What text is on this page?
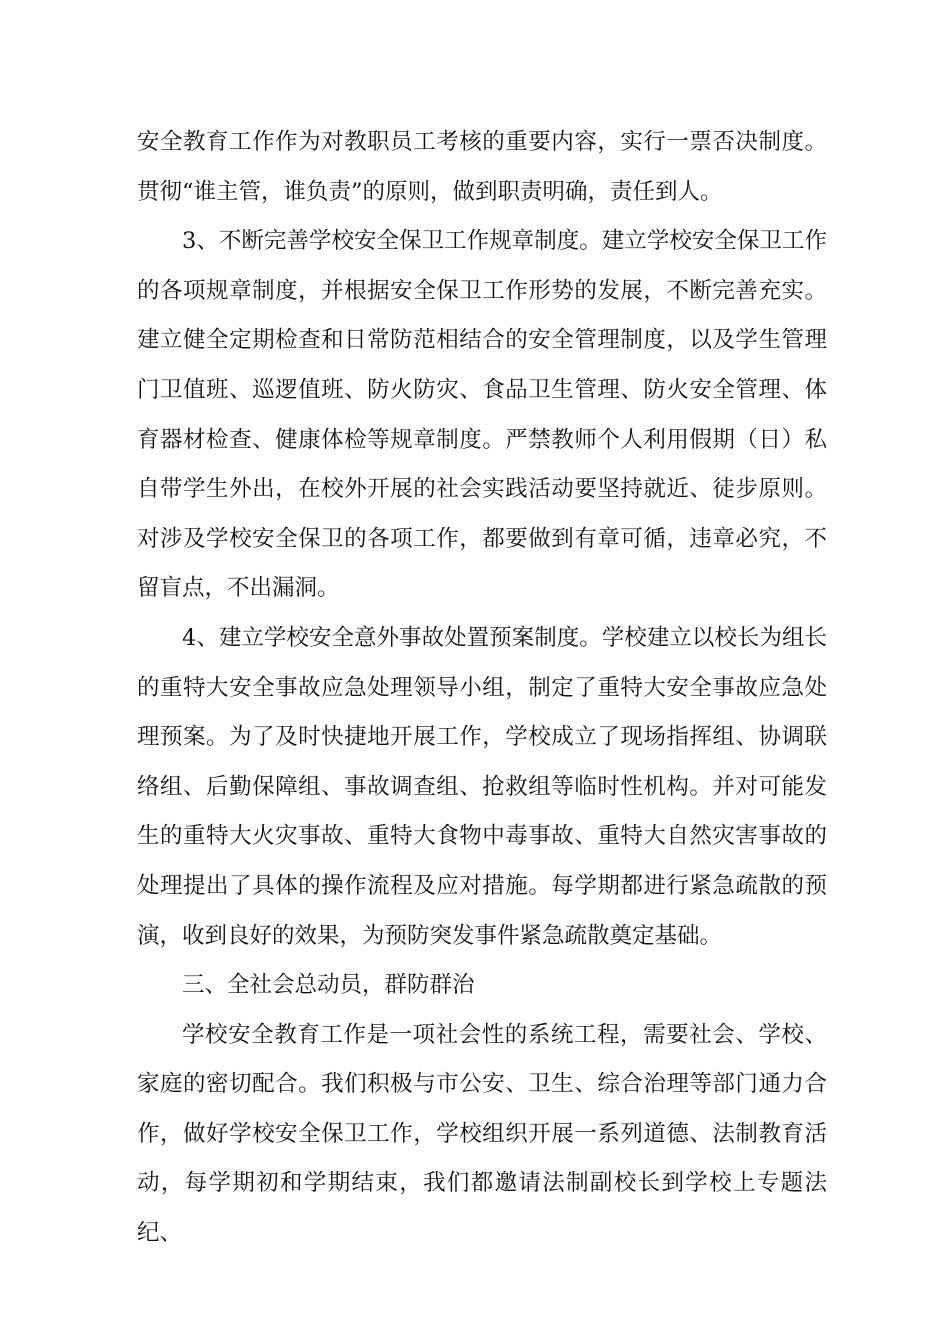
安全教育工作作为对教职员工考核的重要内容，实行一票否决制度。贯彻“谁主管，谁负责”的原则，做到职责明确，责任到人。

3、不断完善学校安全保卫工作规章制度。建立学校安全保卫工作的各项规章制度，并根据安全保卫工作形势的发展，不断完善充实。建立健全定期检查和日常防范相结合的安全管理制度，以及学生管理门卫值班、巡逻值班、防火防灾、食品卫生管理、防火安全管理、体育器材检查、健康体检等规章制度。严禁教师个人利用假期（日）私自带学生外出，在校外开展的社会实践活动要坚持就近、徒步原则。对涉及学校安全保卫的各项工作，都要做到有章可循，违章必究，不留盲点，不出漏洞。

4、建立学校安全意外事故处置预案制度。学校建立以校长为组长的重特大安全事故应急处理领导小组，制定了重特大安全事故应急处理预案。为了及时快捷地开展工作，学校成立了现场指挥组、协调联络组、后勤保障组、事故调查组、抢救组等临时性机构。并对可能发生的重特大火灾事故、重特大食物中毒事故、重特大自然灾害事故的处理提出了具体的操作流程及应对措施。每学期都进行紧急疏散的预演，收到良好的效果，为预防突发事件紧急疏散奠定基础。

三、全社会总动员，群防群治

学校安全教育工作是一项社会性的系统工程，需要社会、学校、家庭的密切配合。我们积极与市公安、卫生、综合治理等部门通力合作，做好学校安全保卫工作，学校组织开展一系列道德、法制教育活动，每学期初和学期结束，我们都邀请法制副校长到学校上专题法纪、
